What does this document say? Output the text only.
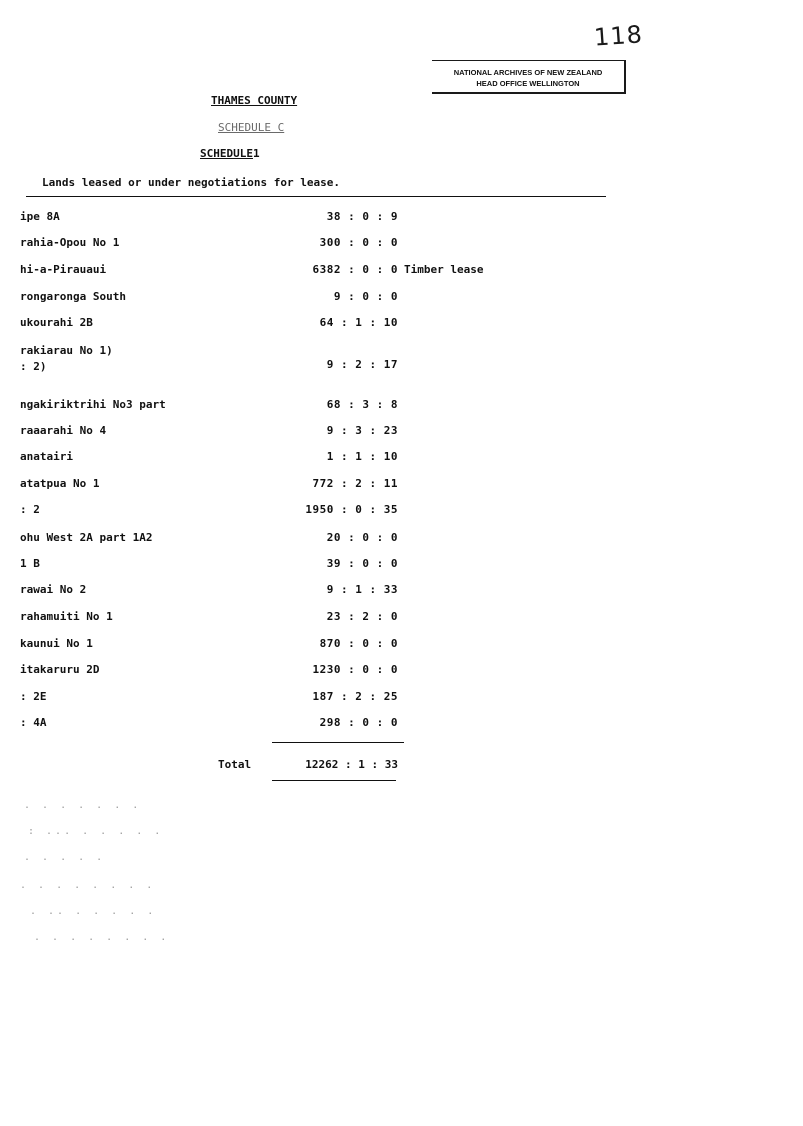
118
NATIONAL ARCHIVES OF NEW ZEALAND
HEAD OFFICE WELLINGTON
THAMES COUNTY
SCHEDULE C
SCHEDULE1
Lands leased or under negotiations for lease.
ipe 8A	38 : 0 : 9
rahia-Opou No 1	300 : 0 : 0
hi-a-Pirauaui	6382 : 0 : 0 Timber lease
rongaronga South	9 : 0 : 0
ukourahi 2B	64 : 1 : 10
rakiarau No 1)
: 2)	9 : 2 : 17
ngakiriktrihi No3 part	68 : 3 : 8
raaarahi No 4	9 : 3 : 23
anatairi	1 : 1 : 10
atatpua No 1	772 : 2 : 11
: 2	1950 : 0 : 35
ohu West 2A part 1A2	20 : 0 : 0
1 B	39 : 0 : 0
rawai No 2	9 : 1 : 33
rahamuiti No 1	23 : 2 : 0
kaunui No 1	870 : 0 : 0
itakaruru 2D	1230 : 0 : 0
: 2E	187 : 2 : 25
: 4A	298 : 0 : 0
Total	12262 : 1 : 33
. . . . . . .
: ... . . . . .
. . . . .
. . . . . . . .
. .. . . . . .
. . . . . . . .
